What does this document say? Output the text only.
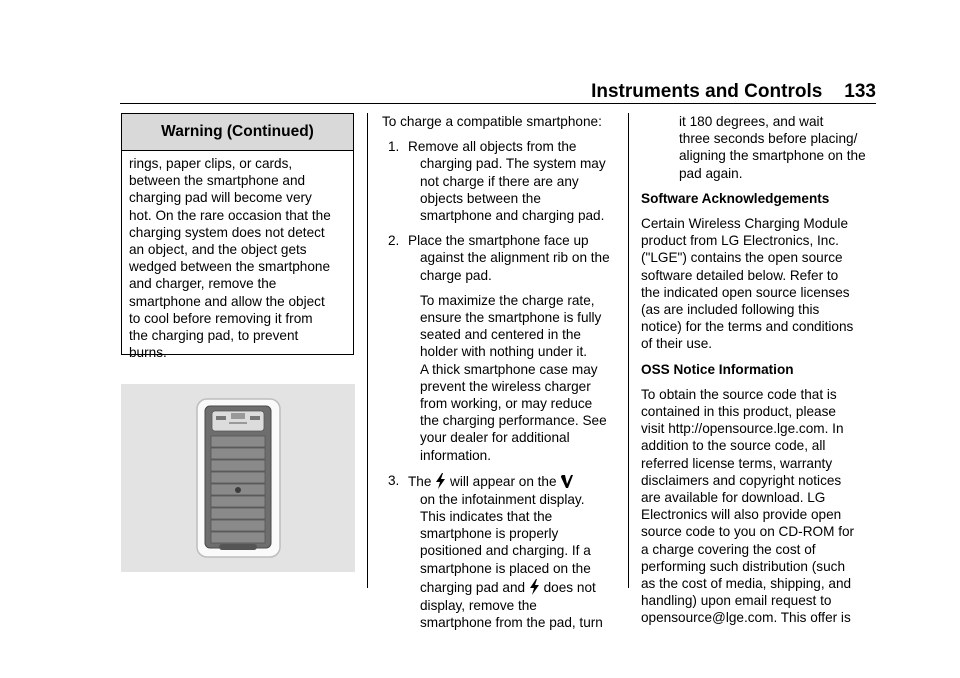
Instruments and Controls 133
Warning (Continued)
rings, paper clips, or cards,
between the smartphone and
charging pad will become very
hot. On the rare occasion that the
charging system does not detect
an object, and the object gets
wedged between the smartphone
and charger, remove the
smartphone and allow the object
to cool before removing it from
the charging pad, to prevent
burns.

To charge a compatible smartphone:

1. Remove all objects from the
charging pad. The system may
not charge if there are any
objects between the
smartphone and charging pad.
2. Place the smartphone face up
against the alignment rib on the
charge pad.
To maximize the charge rate,
ensure the smartphone is fully
seated and centered in the
holder with nothing under it.
A thick smartphone case may
prevent the wireless charger
from working, or may reduce
the charging performance. See
your dealer for additional
information.
3. The will appear on the
on the infotainment display.
This indicates that the
smartphone is properly
positioned and charging. If a
smartphone is placed on the
charging pad and does not
display, remove the
smartphone from the pad, turn
it 180 degrees, and wait
three seconds before placing/
aligning the smartphone on the
pad again.

Software Acknowledgements

Certain Wireless Charging Module
product from LG Electronics, Inc.
("LGE") contains the open source
software detailed below. Refer to
the indicated open source licenses
(as are included following this
notice) for the terms and conditions
of their use.

OSS Notice Information

To obtain the source code that is
contained in this product, please
visit http://opensource.lge.com. In
addition to the source code, all
referred license terms, warranty
disclaimers and copyright notices
are available for download. LG
Electronics will also provide open
source code to you on CD-ROM for
a charge covering the cost of
performing such distribution (such
as the cost of media, shipping, and
handling) upon email request to
opensource@lge.com. This offer is
